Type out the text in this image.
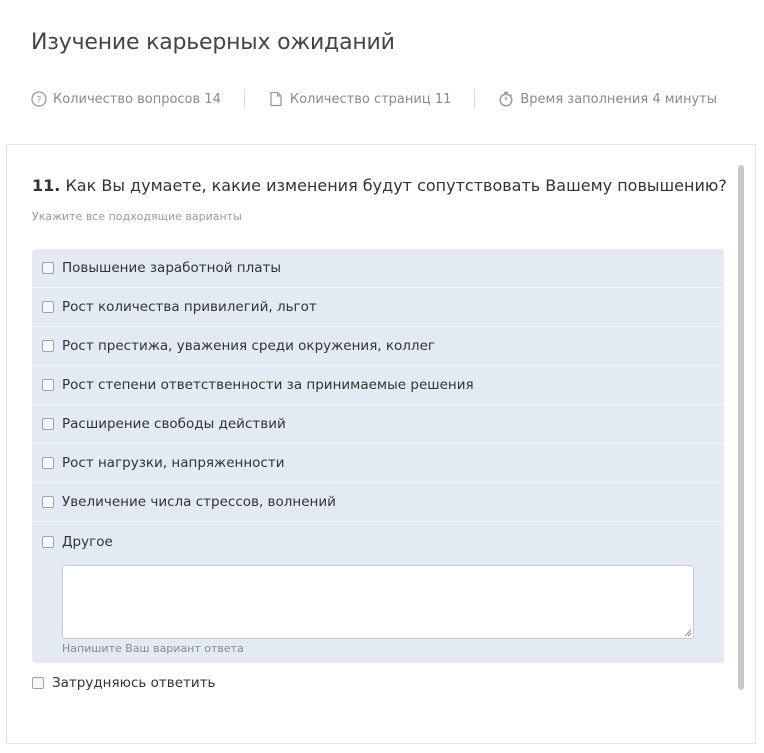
Изучение карьерных ожиданий
? Количество вопросов 14	Количество страниц 11	Время заполнения 4 минуты
11. Как Вы думаете, какие изменения будут сопутствовать Вашему повышению?
Укажите все подходящие варианты
Повышение заработной платы
Рост количества привилегий, льгот
Рост престижа, уважения среди окружения, коллег
Рост степени ответственности за принимаемые решения
Расширение свободы действий
Рост нагрузки, напряженности
Увеличение числа стрессов, волнений
Другое
Напишите Ваш вариант ответа
Затрудняюсь ответить
